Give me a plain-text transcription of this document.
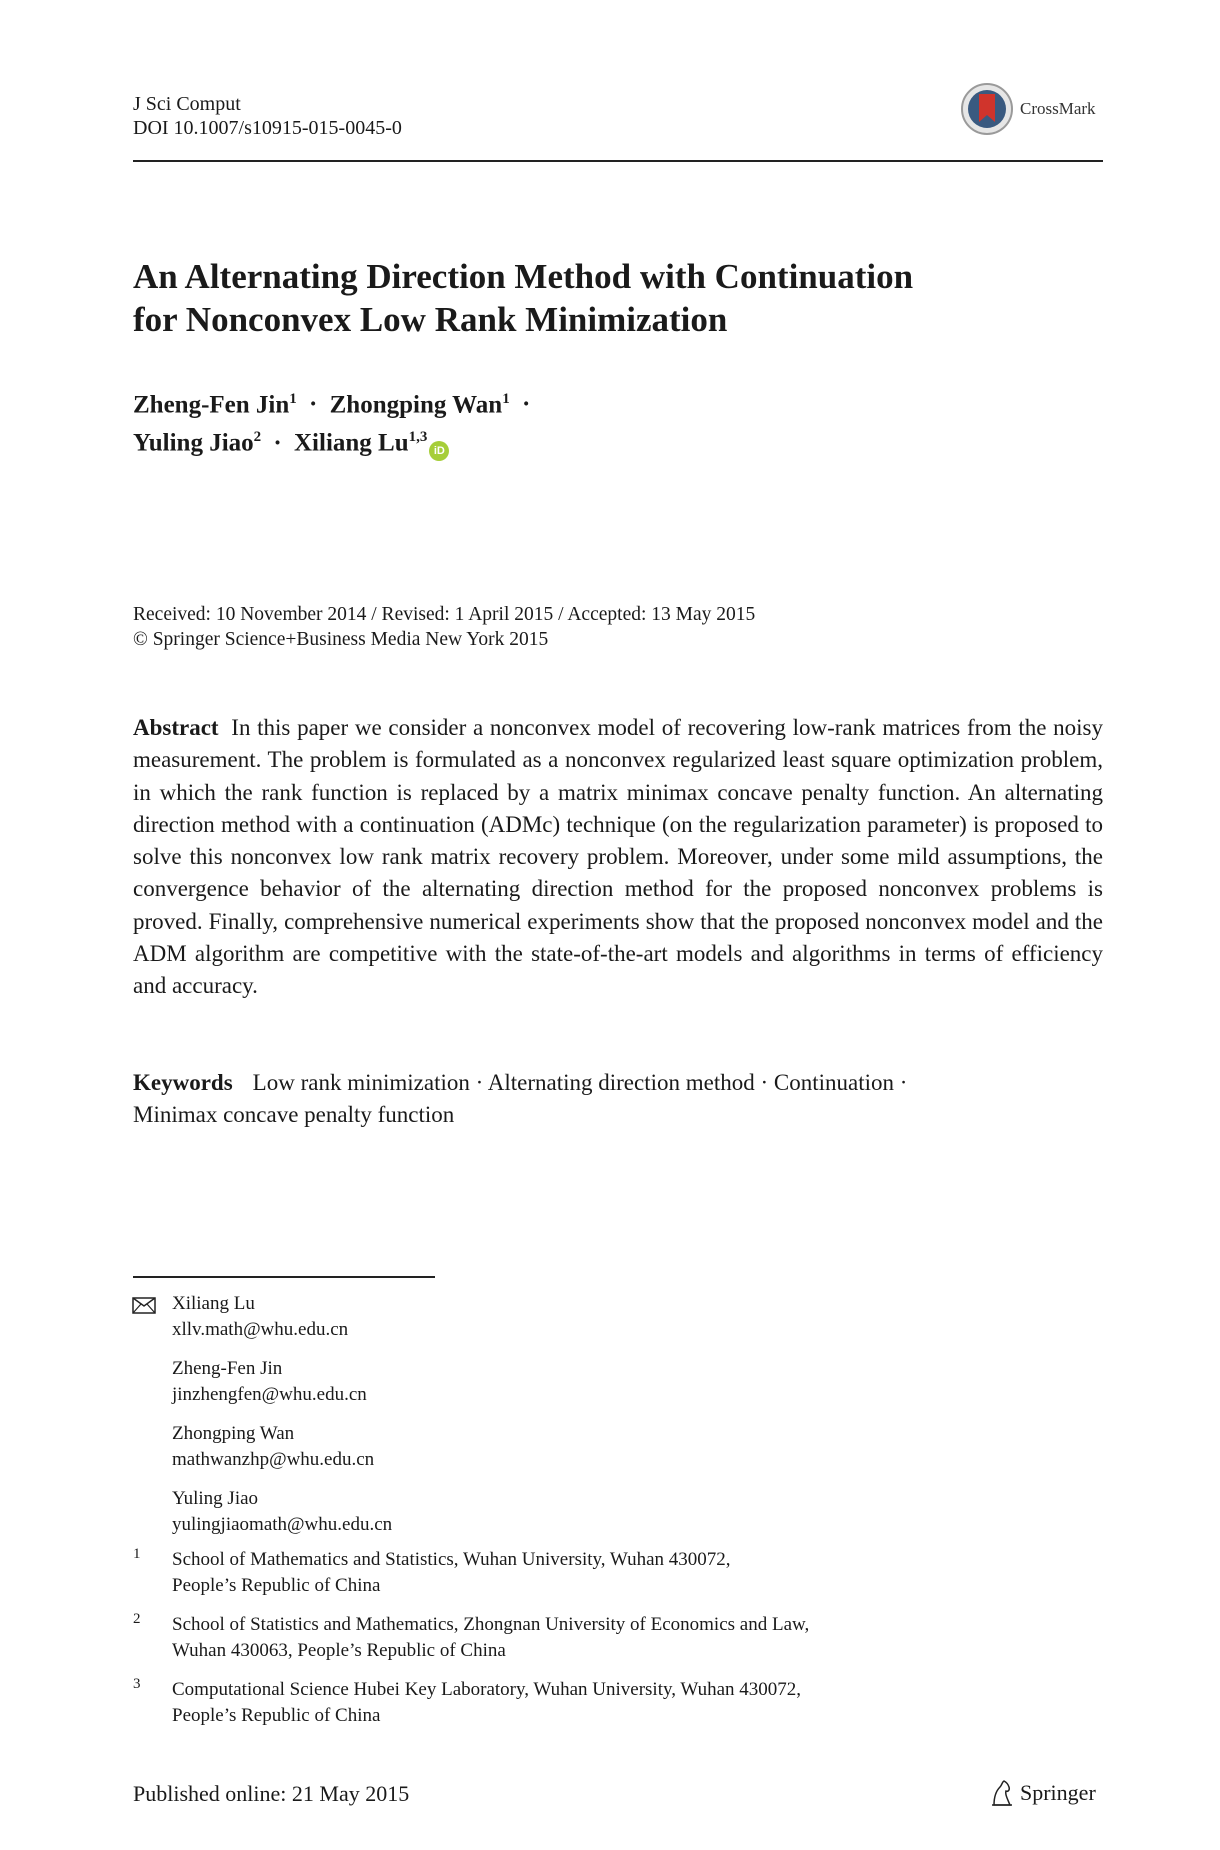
J Sci Comput
DOI 10.1007/s10915-015-0045-0
CrossMark
An Alternating Direction Method with Continuation
for Nonconvex Low Rank Minimization
Zheng-Fen Jin$^1$ · Zhongping Wan$^1$ ·
Yuling Jiao$^2$ · Xiliang Lu$^{1,3}$iD
Received: 10 November 2014 / Revised: 1 April 2015 / Accepted: 13 May 2015
© Springer Science+Business Media New York 2015
Abstract In this paper we consider a nonconvex model of recovering low-rank matrices from the noisy measurement. The problem is formulated as a nonconvex regularized least square optimization problem, in which the rank function is replaced by a matrix minimax concave penalty function. An alternating direction method with a continuation (ADMc) technique (on the regularization parameter) is proposed to solve this nonconvex low rank matrix recovery problem. Moreover, under some mild assumptions, the convergence behavior of the alternating direction method for the proposed nonconvex problems is proved. Finally, comprehensive numerical experiments show that the proposed nonconvex model and the ADM algorithm are competitive with the state-of-the-art models and algorithms in terms of efficiency and accuracy.
Keywords Low rank minimization · Alternating direction method · Continuation ·
Minimax concave penalty function
Xiliang Lu
xllv.math@whu.edu.cn
Zheng-Fen Jin
jinzhengfen@whu.edu.cn
Zhongping Wan
mathwanzhp@whu.edu.cn
Yuling Jiao
yulingjiaomath@whu.edu.cn
1 School of Mathematics and Statistics, Wuhan University, Wuhan 430072,
People’s Republic of China
2 School of Statistics and Mathematics, Zhongnan University of Economics and Law,
Wuhan 430063, People’s Republic of China
3 Computational Science Hubei Key Laboratory, Wuhan University, Wuhan 430072,
People’s Republic of China
Published online: 21 May 2015	Springer
